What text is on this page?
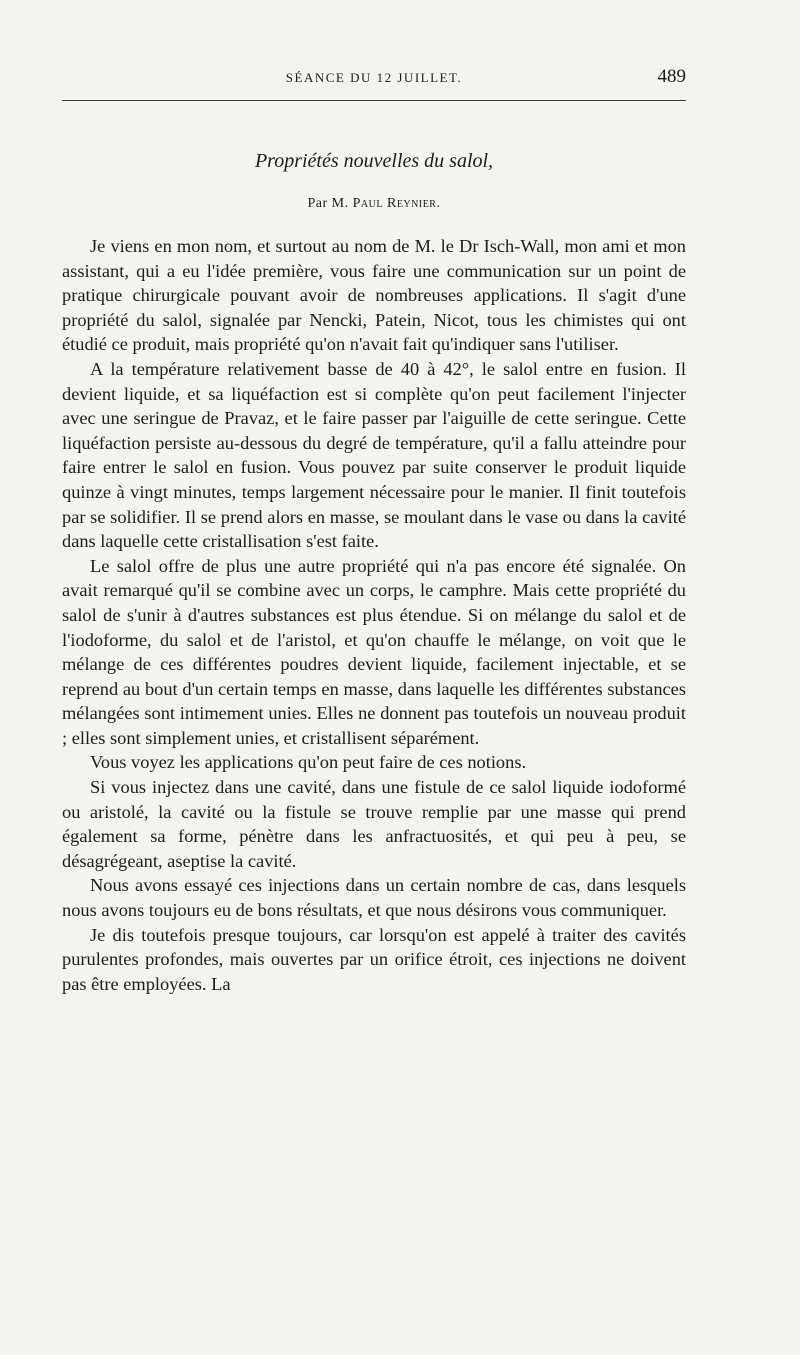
SÉANCE DU 12 JUILLET.	489
Propriétés nouvelles du salol,
Par M. Paul Reynier.

Je viens en mon nom, et surtout au nom de M. le Dr Isch-Wall, mon ami et mon assistant, qui a eu l'idée première, vous faire une communication sur un point de pratique chirurgicale pouvant avoir de nombreuses applications. Il s'agit d'une propriété du salol, signalée par Nencki, Patein, Nicot, tous les chimistes qui ont étudié ce produit, mais propriété qu'on n'avait fait qu'indiquer sans l'utiliser.

A la température relativement basse de 40 à 42°, le salol entre en fusion. Il devient liquide, et sa liquéfaction est si complète qu'on peut facilement l'injecter avec une seringue de Pravaz, et le faire passer par l'aiguille de cette seringue. Cette liquéfaction persiste au-dessous du degré de température, qu'il a fallu atteindre pour faire entrer le salol en fusion. Vous pouvez par suite conserver le produit liquide quinze à vingt minutes, temps largement nécessaire pour le manier. Il finit toutefois par se solidifier. Il se prend alors en masse, se moulant dans le vase ou dans la cavité dans laquelle cette cristallisation s'est faite.

Le salol offre de plus une autre propriété qui n'a pas encore été signalée. On avait remarqué qu'il se combine avec un corps, le camphre. Mais cette propriété du salol de s'unir à d'autres substances est plus étendue. Si on mélange du salol et de l'iodoforme, du salol et de l'aristol, et qu'on chauffe le mélange, on voit que le mélange de ces différentes poudres devient liquide, facilement injectable, et se reprend au bout d'un certain temps en masse, dans laquelle les différentes substances mélangées sont intimement unies. Elles ne donnent pas toutefois un nouveau produit ; elles sont simplement unies, et cristallisent séparément.

Vous voyez les applications qu'on peut faire de ces notions.

Si vous injectez dans une cavité, dans une fistule de ce salol liquide iodoformé ou aristolé, la cavité ou la fistule se trouve remplie par une masse qui prend également sa forme, pénètre dans les anfractuosités, et qui peu à peu, se désagrégeant, aseptise la cavité.

Nous avons essayé ces injections dans un certain nombre de cas, dans lesquels nous avons toujours eu de bons résultats, et que nous désirons vous communiquer.

Je dis toutefois presque toujours, car lorsqu'on est appelé à traiter des cavités purulentes profondes, mais ouvertes par un orifice étroit, ces injections ne doivent pas être employées. La
